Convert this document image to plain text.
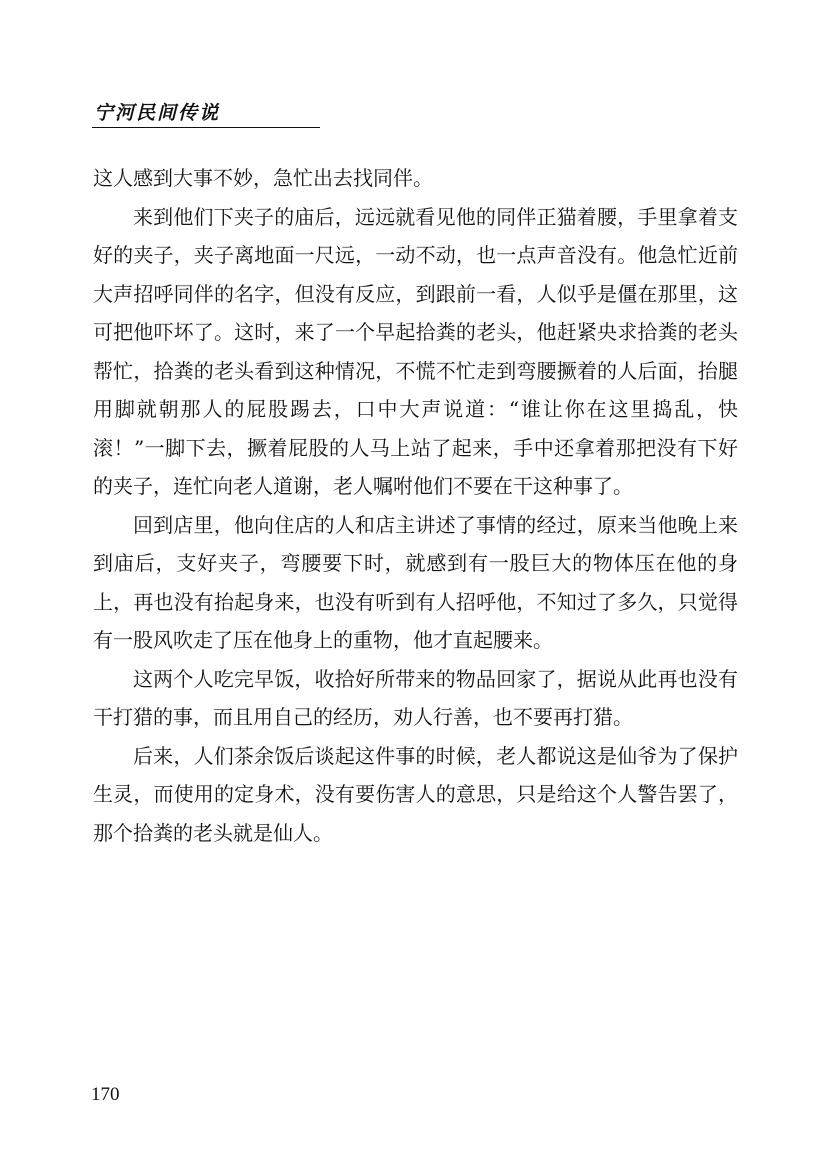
宁河民间传说

这人感到大事不妙，急忙出去找同伴。

来到他们下夹子的庙后，远远就看见他的同伴正猫着腰，手里拿着支好的夹子，夹子离地面一尺远，一动不动，也一点声音没有。他急忙近前大声招呼同伴的名字，但没有反应，到跟前一看，人似乎是僵在那里，这可把他吓坏了。这时，来了一个早起拾粪的老头，他赶紧央求拾粪的老头帮忙，拾粪的老头看到这种情况，不慌不忙走到弯腰撅着的人后面，抬腿用脚就朝那人的屁股踢去，口中大声说道：“谁让你在这里捣乱，快滚！”一脚下去，撅着屁股的人马上站了起来，手中还拿着那把没有下好的夹子，连忙向老人道谢，老人嘱咐他们不要在干这种事了。

回到店里，他向住店的人和店主讲述了事情的经过，原来当他晚上来到庙后，支好夹子，弯腰要下时，就感到有一股巨大的物体压在他的身上，再也没有抬起身来，也没有听到有人招呼他，不知过了多久，只觉得有一股风吹走了压在他身上的重物，他才直起腰来。

这两个人吃完早饭，收拾好所带来的物品回家了，据说从此再也没有干打猎的事，而且用自己的经历，劝人行善，也不要再打猎。

后来，人们茶余饭后谈起这件事的时候，老人都说这是仙爷为了保护生灵，而使用的定身术，没有要伤害人的意思，只是给这个人警告罢了，那个拾粪的老头就是仙人。

170
